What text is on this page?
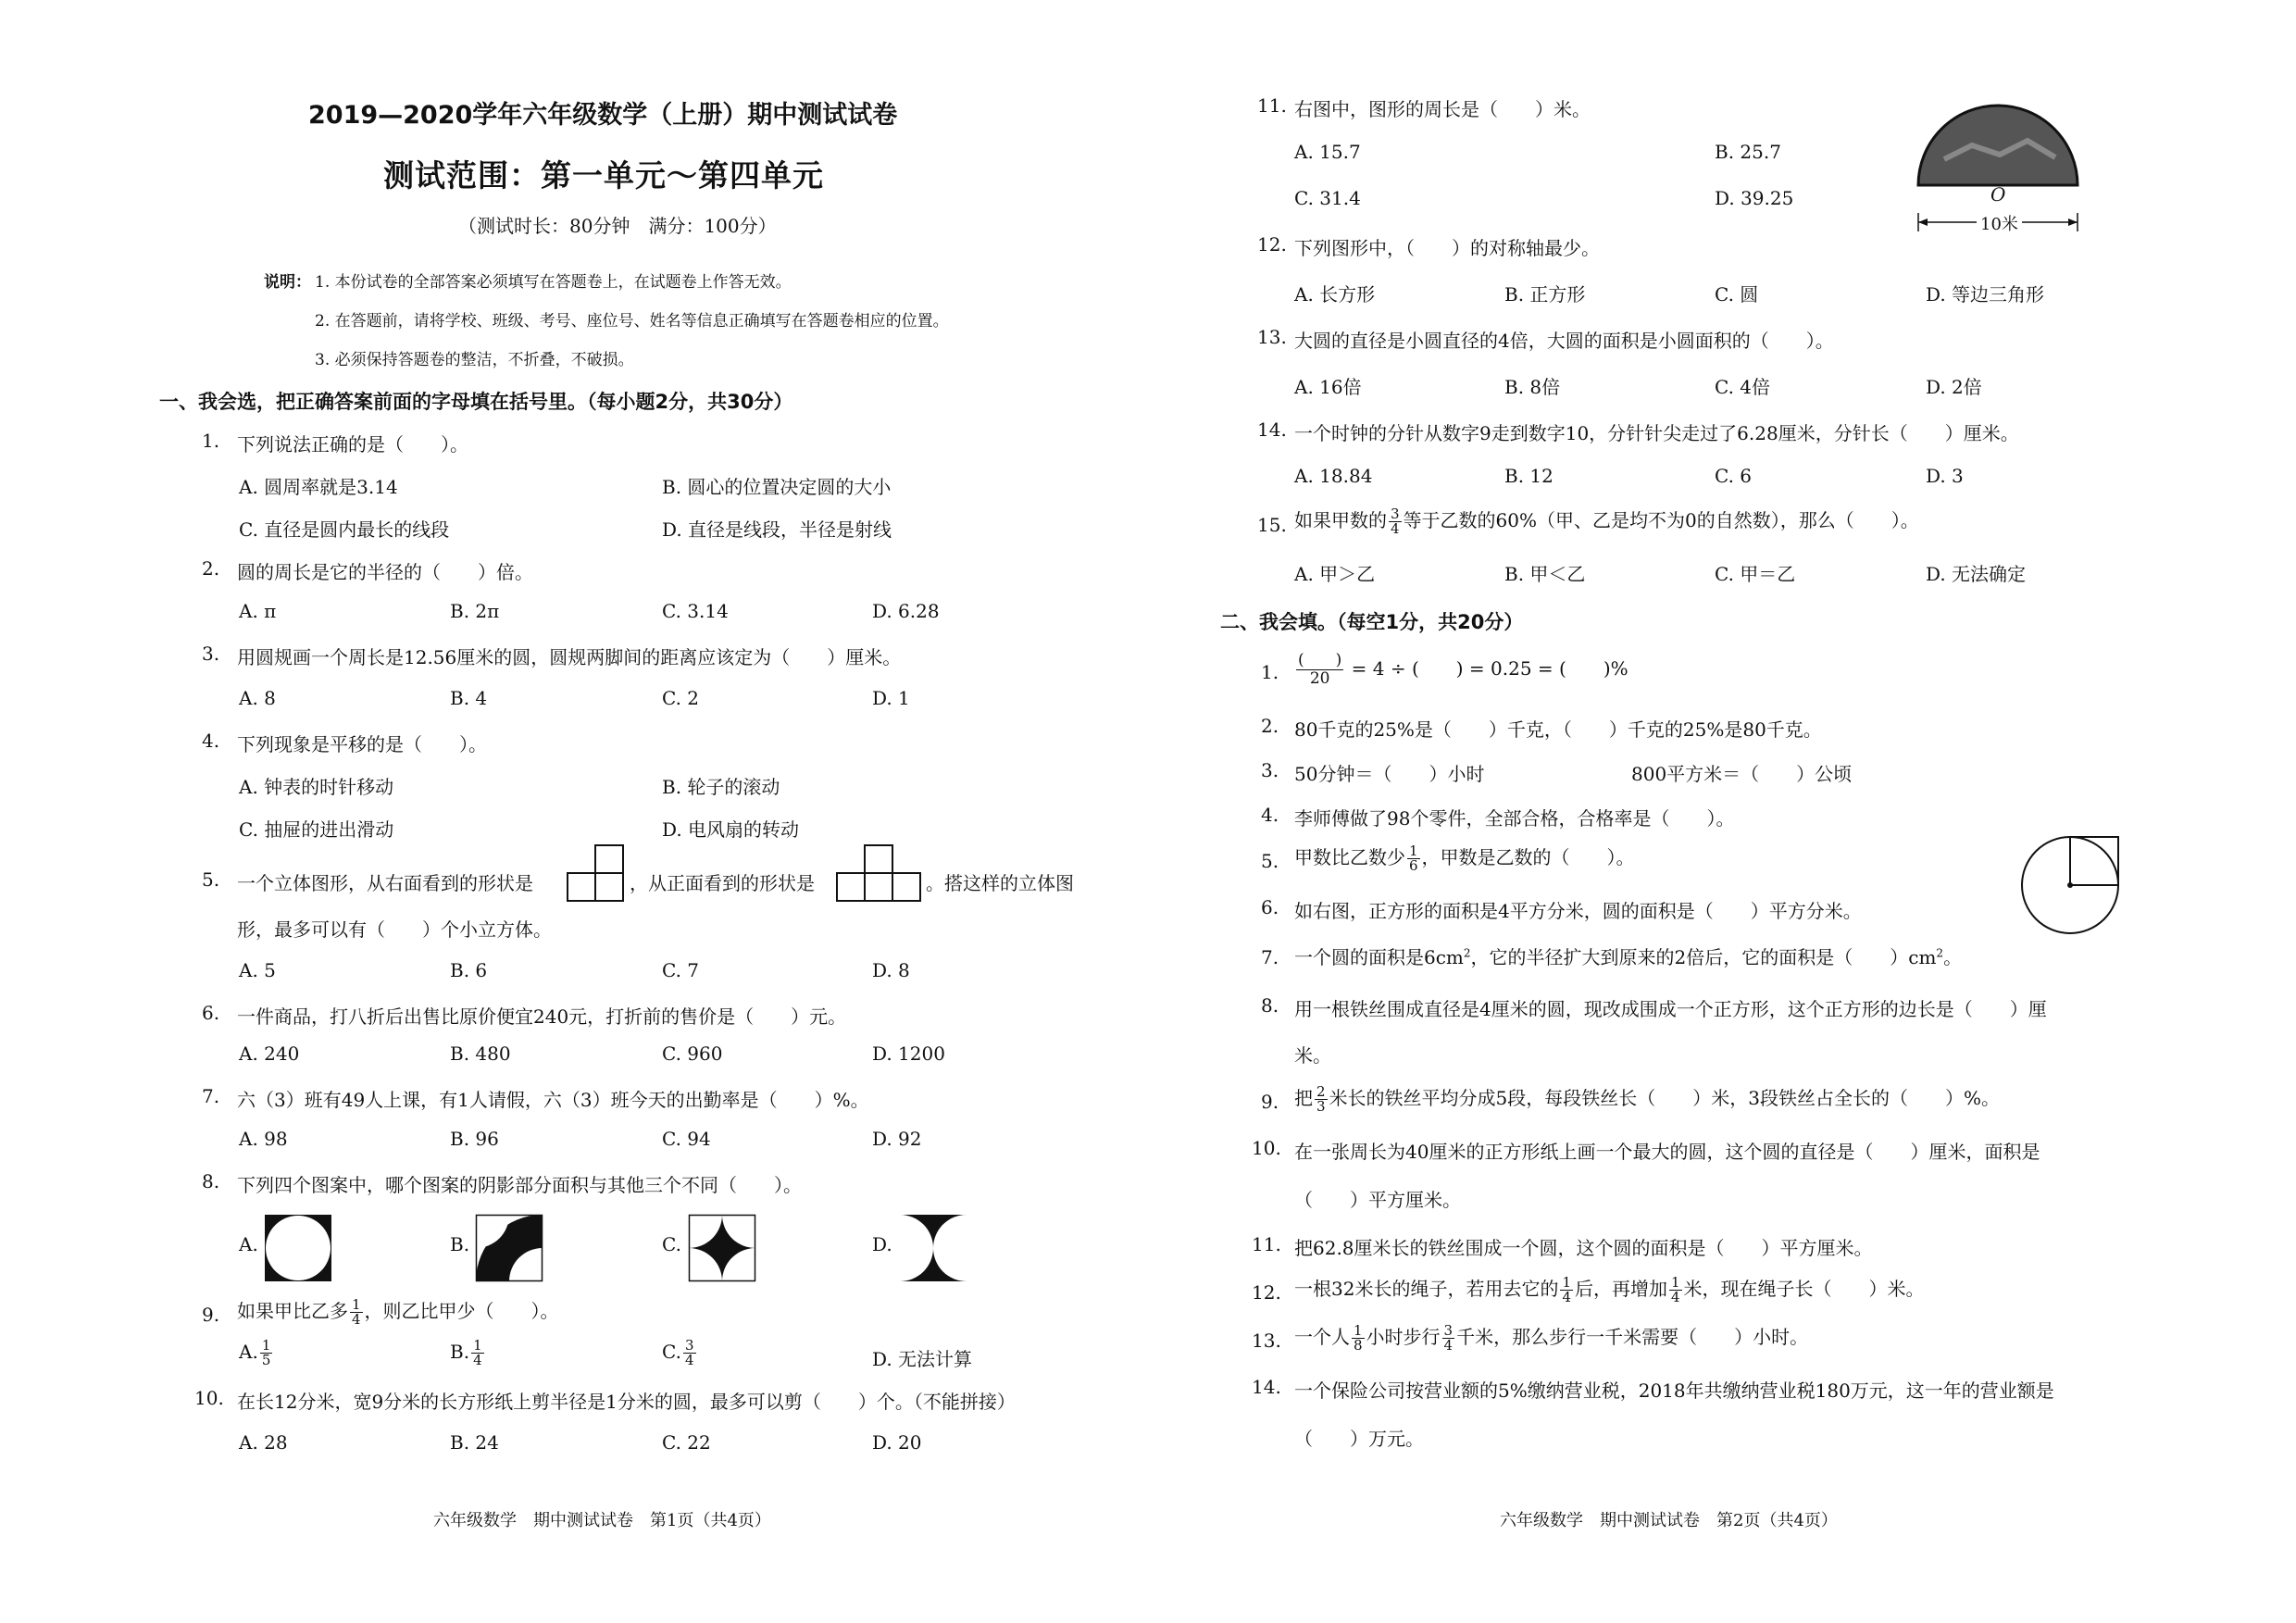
2019—2020学年六年级数学（上册）期中测试试卷
测试范围：第一单元～第四单元
（测试时长：80分钟　满分：100分）
说明： 1. 本份试卷的全部答案必须填写在答题卷上，在试题卷上作答无效。
2. 在答题前，请将学校、班级、考号、座位号、姓名等信息正确填写在答题卷相应的位置。
3. 必须保持答题卷的整洁，不折叠，不破损。
一、我会选，把正确答案前面的字母填在括号里。（每小题2分，共30分）
1. 下列说法正确的是（　　）。
A. 圆周率就是3.14	B. 圆心的位置决定圆的大小
C. 直径是圆内最长的线段	D. 直径是线段，半径是射线
2. 圆的周长是它的半径的（　　）倍。
A. π	B. 2π	C. 3.14	D. 6.28
3. 用圆规画一个周长是12.56厘米的圆，圆规两脚间的距离应该定为（　　）厘米。
A. 8	B. 4	C. 2	D. 1
4. 下列现象是平移的是（　　）。
A. 钟表的时针移动	B. 轮子的滚动
C. 抽屉的进出滑动	D. 电风扇的转动
5. 一个立体图形，从右面看到的形状是	，从正面看到的形状是	。搭这样的立体图
形，最多可以有（　　）个小立方体。
A. 5	B. 6	C. 7	D. 8
6. 一件商品，打八折后出售比原价便宜240元，打折前的售价是（　　）元。
A. 240	B. 480	C. 960	D. 1200
7. 六（3）班有49人上课，有1人请假，六（3）班今天的出勤率是（　　）%。
A. 98	B. 96	C. 94	D. 92
8. 下列四个图案中，哪个图案的阴影部分面积与其他三个不同（　　）。
A.	B.	C.	D.
9. 如果甲比乙多 $\frac{1}{4}$ ，则乙比甲少（　　）。
A. $\frac{1}{5}$	B. $\frac{1}{4}$	C. $\frac{3}{4}$	D. 无法计算
10. 在长12分米，宽9分米的长方形纸上剪半径是1分米的圆，最多可以剪（　　）个。（不能拼接）
A. 28	B. 24	C. 22	D. 20
六年级数学　期中测试试卷　第1页（共4页）
11. 右图中，图形的周长是（　　）米。
A. 15.7	B. 25.7
C. 31.4	D. 39.25	O
10米
12. 下列图形中，（　　）的对称轴最少。
A. 长方形	B. 正方形	C. 圆	D. 等边三角形
13. 大圆的直径是小圆直径的4倍，大圆的面积是小圆面积的（　　）。
A. 16倍	B. 8倍	C. 4倍	D. 2倍
14. 一个时钟的分针从数字9走到数字10，分针针尖走过了6.28厘米，分针长（　　）厘米。
A. 18.84	B. 12	C. 6	D. 3
15. 如果甲数的 $\frac{3}{4}$ 等于乙数的60%（甲、乙是均不为0的自然数），那么（　　）。
A. 甲＞乙	B. 甲＜乙	C. 甲＝乙	D. 无法确定
二、我会填。（每空1分，共20分）
1. $\frac{( )}{20} = 4$ ÷ (　　) = 0.25 = (　　)%
2. 80千克的25%是（　　）千克，（　　）千克的25%是80千克。
3. 50分钟＝（　　）小时	800平方米＝（　　）公顷
4. 李师傅做了98个零件，全部合格，合格率是（　　）。
5. 甲数比乙数少 $\frac{1}{6}$ ，甲数是乙数的（　　）。
6. 如右图，正方形的面积是4平方分米，圆的面积是（　　）平方分米。
7. 一个圆的面积是$6cm^2$，它的半径扩大到原来的2倍后，它的面积是（　　）$cm^2$。
8. 用一根铁丝围成直径是4厘米的圆，现改成围成一个正方形，这个正方形的边长是（　　）厘
米。
9. 把 $\frac{2}{3}$ 米长的铁丝平均分成5段，每段铁丝长（　　）米，3段铁丝占全长的（　　）%。
10. 在一张周长为40厘米的正方形纸上画一个最大的圆，这个圆的直径是（　　）厘米，面积是
（　　）平方厘米。
11. 把62.8厘米长的铁丝围成一个圆，这个圆的面积是（　　）平方厘米。
12. 一根32米长的绳子，若用去它的 $\frac{1}{4}$ 后，再增加 $\frac{1}{4}$ 米，现在绳子长（　　）米。
13. 一个人 $\frac{1}{8}$ 小时步行 $\frac{3}{4}$ 千米，那么步行一千米需要（　　）小时。
14. 一个保险公司按营业额的5%缴纳营业税，2018年共缴纳营业税180万元，这一年的营业额是
（　　）万元。
六年级数学　期中测试试卷　第2页（共4页）
